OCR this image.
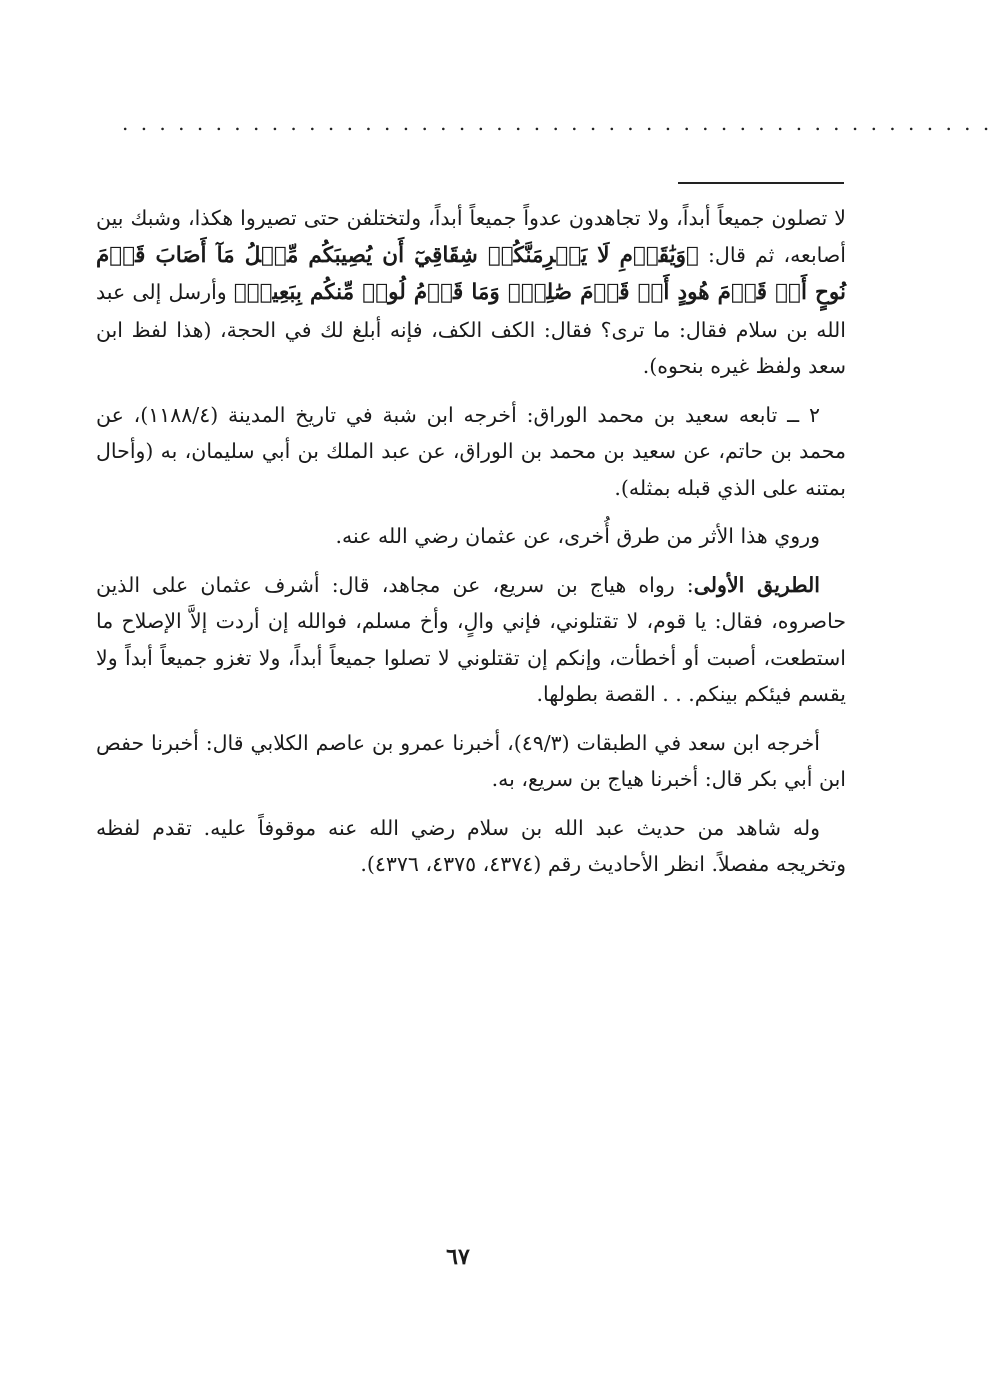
. . . . . . . . . . . . . . . . . . . . . . . . . . . . . . . . . . . . . . . . . . . . . . .

لا تصلون جميعاً أبداً، ولا تجاهدون عدواً جميعاً أبداً، ولتختلفن حتى تصيروا هكذا، وشبك بين أصابعه، ثم قال: ﴿وَيَٰقَوۡمِ لَا يَجۡرِمَنَّكُمۡ شِقَاقِيٓ أَن يُصِيبَكُم مِّثۡلُ مَآ أَصَابَ قَوۡمَ نُوحٍ أَوۡ قَوۡمَ هُودٍ أَوۡ قَوۡمَ صَٰلِحٖۚ وَمَا قَوۡمُ لُوطٖ مِّنكُم بِبَعِيدٖ﴾ وأرسل إلى عبد الله بن سلام فقال: ما ترى؟ فقال: الكف الكف، فإنه أبلغ لك في الحجة، (هذا لفظ ابن سعد ولفظ غيره بنحوه).

٢ ــ تابعه سعيد بن محمد الوراق: أخرجه ابن شبة في تاريخ المدينة (١١٨٨/٤)، عن محمد بن حاتم، عن سعيد بن محمد بن الوراق، عن عبد الملك بن أبي سليمان، به (وأحال بمتنه على الذي قبله بمثله).

وروي هذا الأثر من طرق أُخرى، عن عثمان رضي الله عنه.

الطريق الأولى: رواه هياج بن سريع، عن مجاهد، قال: أشرف عثمان على الذين حاصروه، فقال: يا قوم، لا تقتلوني، فإني والٍ، وأخ مسلم، فوالله إن أردت إلاَّ الإصلاح ما استطعت، أصبت أو أخطأت، وإنكم إن تقتلوني لا تصلوا جميعاً أبداً، ولا تغزو جميعاً أبداً ولا يقسم فيئكم بينكم. . . القصة بطولها.

أخرجه ابن سعد في الطبقات (٤٩/٣)، أخبرنا عمرو بن عاصم الكلابي قال: أخبرنا حفص ابن أبي بكر قال: أخبرنا هياج بن سريع، به.

وله شاهد من حديث عبد الله بن سلام رضي الله عنه موقوفاً عليه. تقدم لفظه وتخريجه مفصلاً. انظر الأحاديث رقم (٤٣٧٤، ٤٣٧٥، ٤٣٧٦).

٦٧
